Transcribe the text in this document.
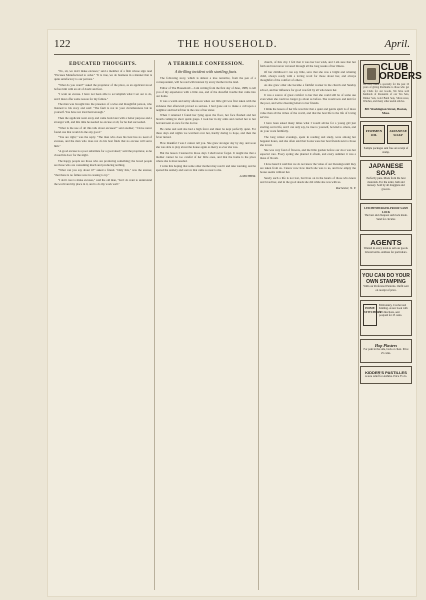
122	THE HOUSEHOLD.	April.
EDUCATED THOUGHTS.

"No, sir, we don't make excuses," said a member of a firm whose sign read "Excuses Manufactured to order." "It is true, we do business in a manner that is quite satisfactory to our patrons."

"What do you want?" asked the proprietor of the place, as an applicant stood before him with an air of doubt and fear.

"I want an excuse. I have not been able to accomplish what I set out to do, and I must offer some reason for my failure."

The man was brought into the presence of a wise and thoughtful person, who listened to his story and said: "The fault is not in your circumstances but in yourself. You have not tried hard enough."

Then the applicant went away and came back later with a better purpose and a stronger will, and this time he needed no excuse at all, for he had succeeded.

"What is the use of all this talk about excuses?" said another; "I have never found one that would do me any good."

"You are right," was the reply. "The man who does his best has no need of excuses, and the man who does not do his best finds that no excuse will serve him."

"A good excuse is a poor substitute for a good deed," said the proprietor, as he closed his door for the night.

The happy people are those who are producing something; the bored people are those who are consuming much and producing nothing.

"What can you say about it?" asked a friend. "Only this," was the answer, "that there is no failure save in ceasing to try."

"I don't care to make excuses," said the old man, "but I do want to understand the world and my place in it, and to do my work well."

A TERRIBLE CONFESSION.
A thrilling incident with startling facts.

The following story, which is almost a true narrative, from the pen of a correspondent, will be read with interest by every mother in the land.

Editor of The Household:—I am writing from the first day of June, 1888, to tell you of my experience with a little one, and of the dreadful trouble that came into our home.

It was a warm and sultry afternoon when our little girl was first taken with the sickness that afterward proved so serious. I had gone out to make a call upon a neighbor and had left her in the care of her sister.

When I returned I found her lying upon the floor, her face flushed and her breath coming in short quick gasps. I took her in my arms and carried her to her bed and sent at once for the doctor.

He came and said she had a high fever and must be kept perfectly quiet. For three days and nights we watched over her, hardly daring to hope, and then the fever turned.

How thankful I was I cannot tell you. She grew stronger day by day, and soon she was able to play about the house again as merry as ever she was.

But the lesson I learned in those days I shall never forget. It taught me that a mother cannot be too careful of her little ones, and that the home is the place where she is most needed.

I write this hoping that some other mother may read it and take warning, and be spared the anxiety and sorrow that came so near to me.

A MOTHER.

church, of this city. I felt that it was her last wish, and I am sure that her faith and trust never wavered through all the long weeks of her illness.

Of her childhood I can say little, save that she was a bright and winning child, always ready with a loving word for those about her, and always thoughtful of the comfort of others.

As she grew older she became a faithful worker in the church and Sunday school, and her influence for good was felt by all who knew her.

It was a source of great comfort to her that she could still be of some use even when she could no longer go about as before. She would sew and knit for the poor, and write cheering letters to her friends.

I think the lesson of her life was this: that a quiet and gentle spirit is of more value than all the riches of the world, and that the best life is the life of loving service.

I have been asked many times what I would advise for a young girl just starting out in life, and I can only say, be true to yourself, be kind to others, and do your work faithfully.

The long winter evenings, spent in reading and study, were among her happiest hours, and she often said that books were her best friends next to those she loved.

She was very fond of flowers, and the little garden before our door was her especial care. Every spring she planted it afresh, and every summer it was a mass of bloom.

I have heard it said that we do not know the value of our blessings until they are taken from us. I know now how much she was to us, and how empty the house seems without her.

Surely such a life is not lost, but lives on in the hearts of those who knew and loved her, and in the good deeds she did while she was with us.

Rochester, N. Y.
CLUB ORDERS
We have made a specialty for the past 10 years of giving Premiums to those who get up Clubs for our Goods. We have sold hundreds of thousands of our Tea Sets, Dinner Sets, Gold Band Sets, Silver-ware, Watches, and many other useful articles.
801 Washington Street, Boston, Mass.
FISHMEN OIL
JAPANESE SOAP
Sample packages sent free on receipt of stamp.
JAPANESE SOAP.
Perfectly pure. Made from the best materials. For the toilet, bath and nursery. Sold by all druggists and grocers.
LEICHENBURGER-PROOF SASH LOCK
The best and cheapest sash lock made. Send for circular.
AGENTS
Wanted in every town to sell our goods. Liberal terms. Address for particulars.
YOU CAN DO YOUR OWN STAMPING
With our Perforated Patterns. Outfit sent on receipt of price.
HOME STITCHERY
Embroidery, Crochet and Knitting. A new book with full directions, sent postpaid for 25 cents.
Hop Plasters
For pain in the side, back or chest. Price 25 cents.
KIDDER'S PASTILLES
A sure relief for Asthma. Price 35 cts.
